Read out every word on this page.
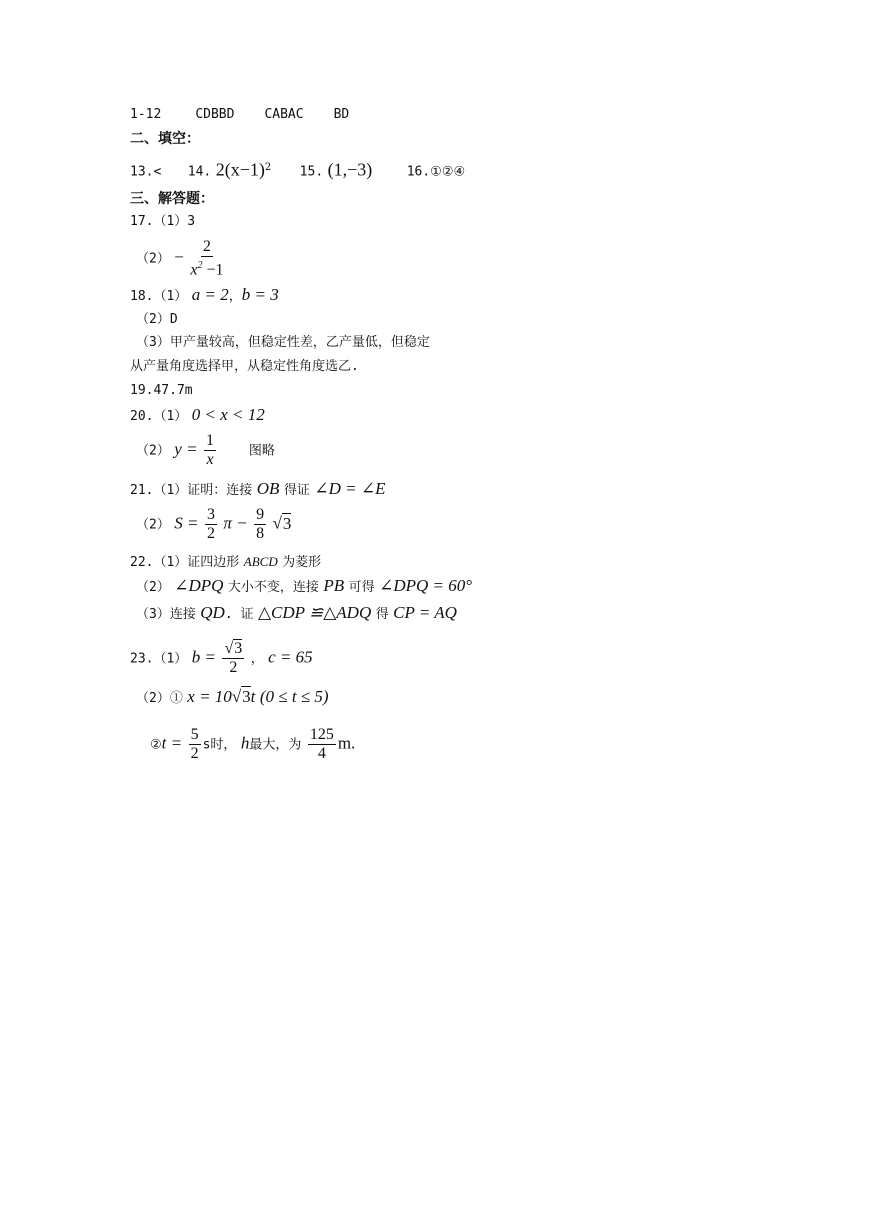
1-12	CDBBD CABAC BD
二、填空：
13.< 14. $2(x-1)^2$ 15. (1,−3)	16.①②④
三、解答题：
17.（1）3
$(2) - \frac{2}{x^2 -1}$
18.（1） a = 2，b = 3
（2）D
（3）甲产量较高，但稳定性差，乙产量低，但稳定
从产量角度选择甲，从稳定性角度选乙.
19.47.7m
20.（1） 0 < x < 12
（2） $y = \frac{1}{x}$	图略
21.（1）证明：连接 OB 得证 ∠D = ∠E
（2） $S = \frac{3}{2}$ $\pi - \frac{9}{8} √3$
22.（1）证四边形 ABCD 为菱形
（2） ∠DPQ 大小不变，连接 PB 可得 ∠DPQ = 60°
（3）连接 QD. 证 △CDP ≌△ADQ 得 CP = AQ
23.（1） $b = \frac{√3}{2}$ ， c = 65
（2）① x = 10√3t (0 ≤ t ≤ 5)
②t = $\frac{5}{2}$ s时， h最大，为 $\frac{125}{4} m$.
